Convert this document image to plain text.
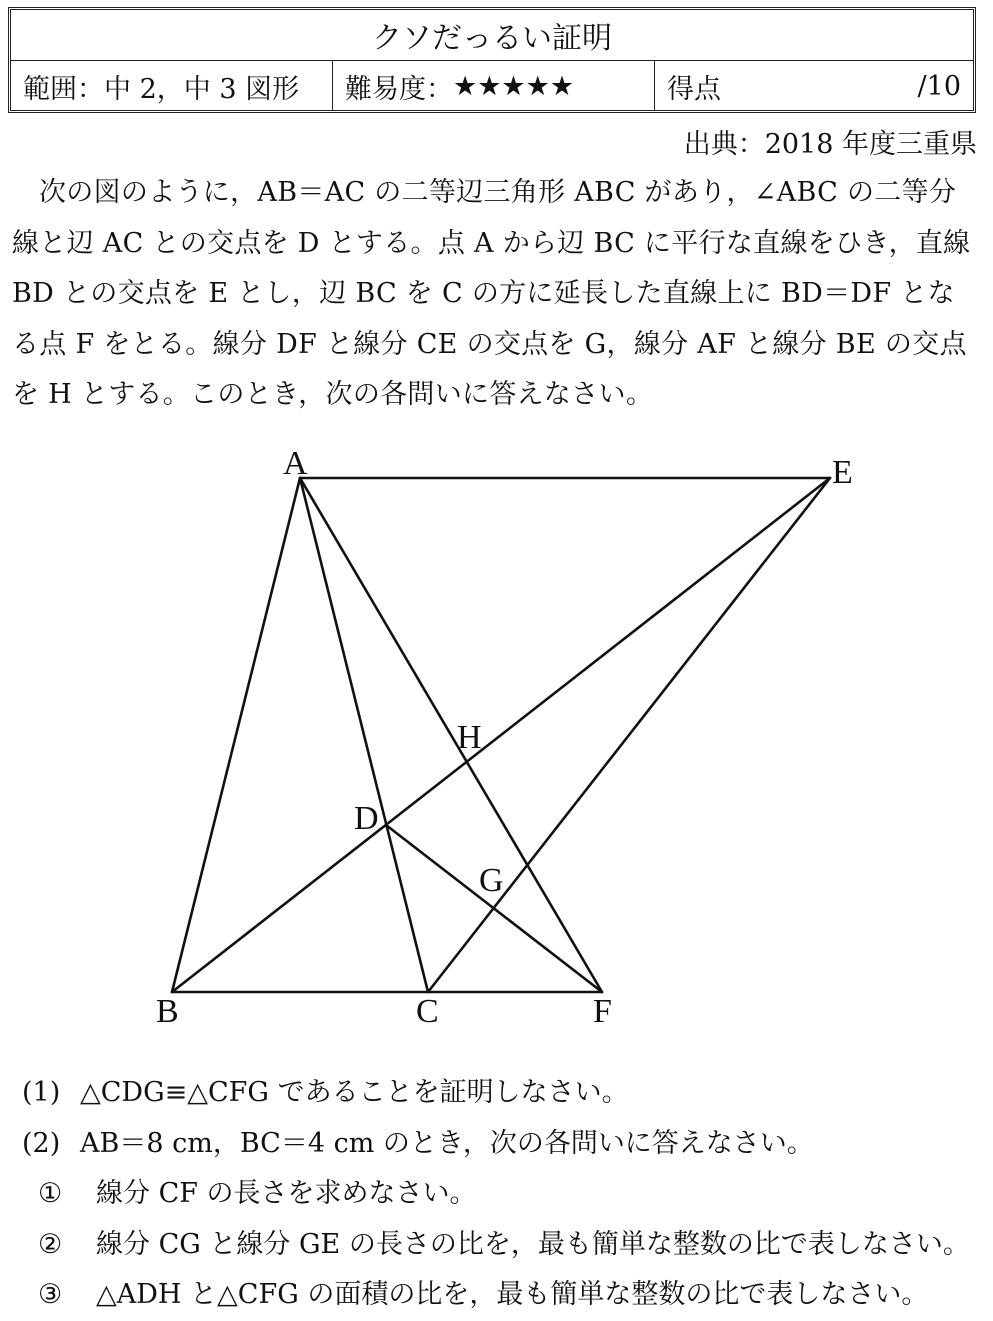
クソだっるい証明
範囲：中 2，中 3 図形	難易度： ★★★★★	得点	/10
出典：2018 年度三重県
次の図のように，AB＝AC の二等辺三角形 ABC があり，∠ABC の二等分線と辺 AC との交点を D とする。点 A から辺 BC に平行な直線をひき，直線 BD との交点を E とし，辺 BC を C の方に延長した直線上に BD＝DF となる点 F をとる。線分 DF と線分 CE の交点を G，線分 AF と線分 BE の交点を H とする。このとき，次の各問いに答えなさい。
A	E
H
D
G
B	C	F
(1) △CDG≡△CFG であることを証明しなさい。
(2) AB＝8 cm，BC＝4 cm のとき，次の各問いに答えなさい。
① 線分 CF の長さを求めなさい。
② 線分 CG と線分 GE の長さの比を，最も簡単な整数の比で表しなさい。
③ △ADH と△CFG の面積の比を，最も簡単な整数の比で表しなさい。
